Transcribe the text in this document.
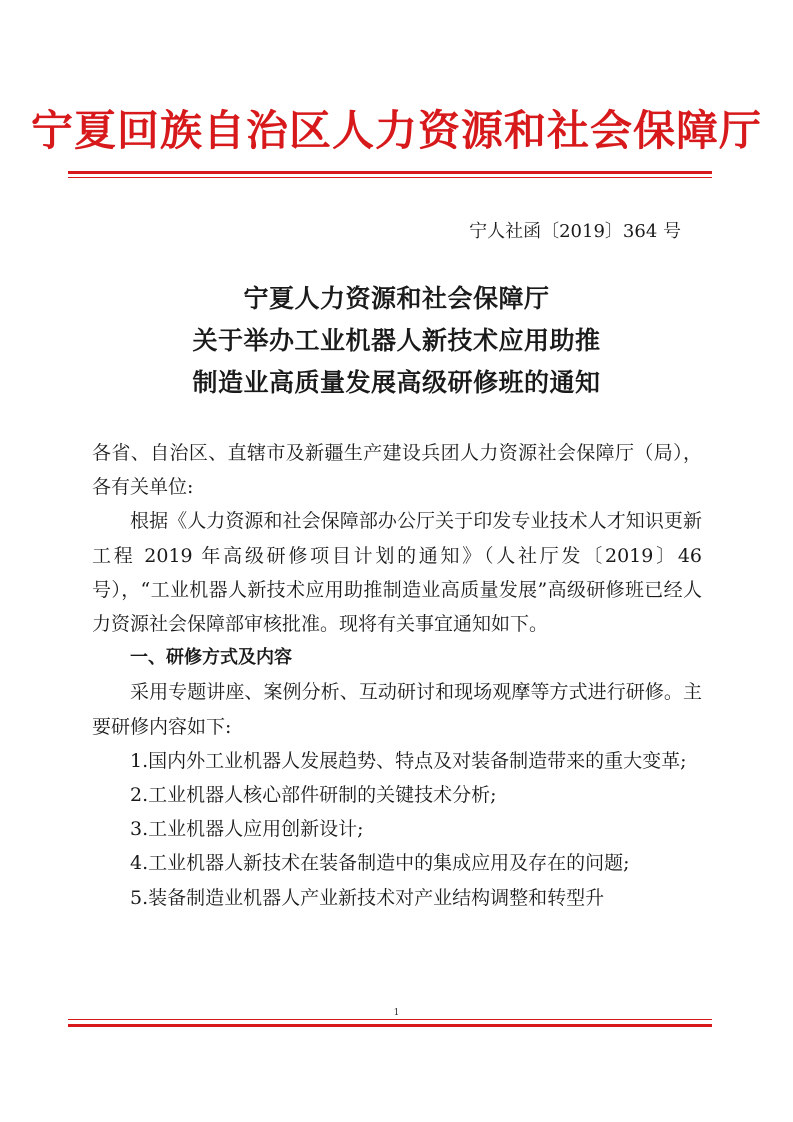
宁夏回族自治区人力资源和社会保障厅
宁人社函〔2019〕364 号
宁夏人力资源和社会保障厅
关于举办工业机器人新技术应用助推
制造业高质量发展高级研修班的通知

各省、自治区、直辖市及新疆生产建设兵团人力资源社会保障厅（局），各有关单位:

根据《人力资源和社会保障部办公厅关于印发专业技术人才知识更新工程 2019 年高级研修项目计划的通知》（人社厅发〔2019〕46 号），“工业机器人新技术应用助推制造业高质量发展”高级研修班已经人力资源社会保障部审核批准。现将有关事宜通知如下。

一、研修方式及内容

采用专题讲座、案例分析、互动研讨和现场观摩等方式进行研修。主要研修内容如下:

1.国内外工业机器人发展趋势、特点及对装备制造带来的重大变革;

2.工业机器人核心部件研制的关键技术分析;

3.工业机器人应用创新设计;

4.工业机器人新技术在装备制造中的集成应用及存在的问题;

5.装备制造业机器人产业新技术对产业结构调整和转型升

1
